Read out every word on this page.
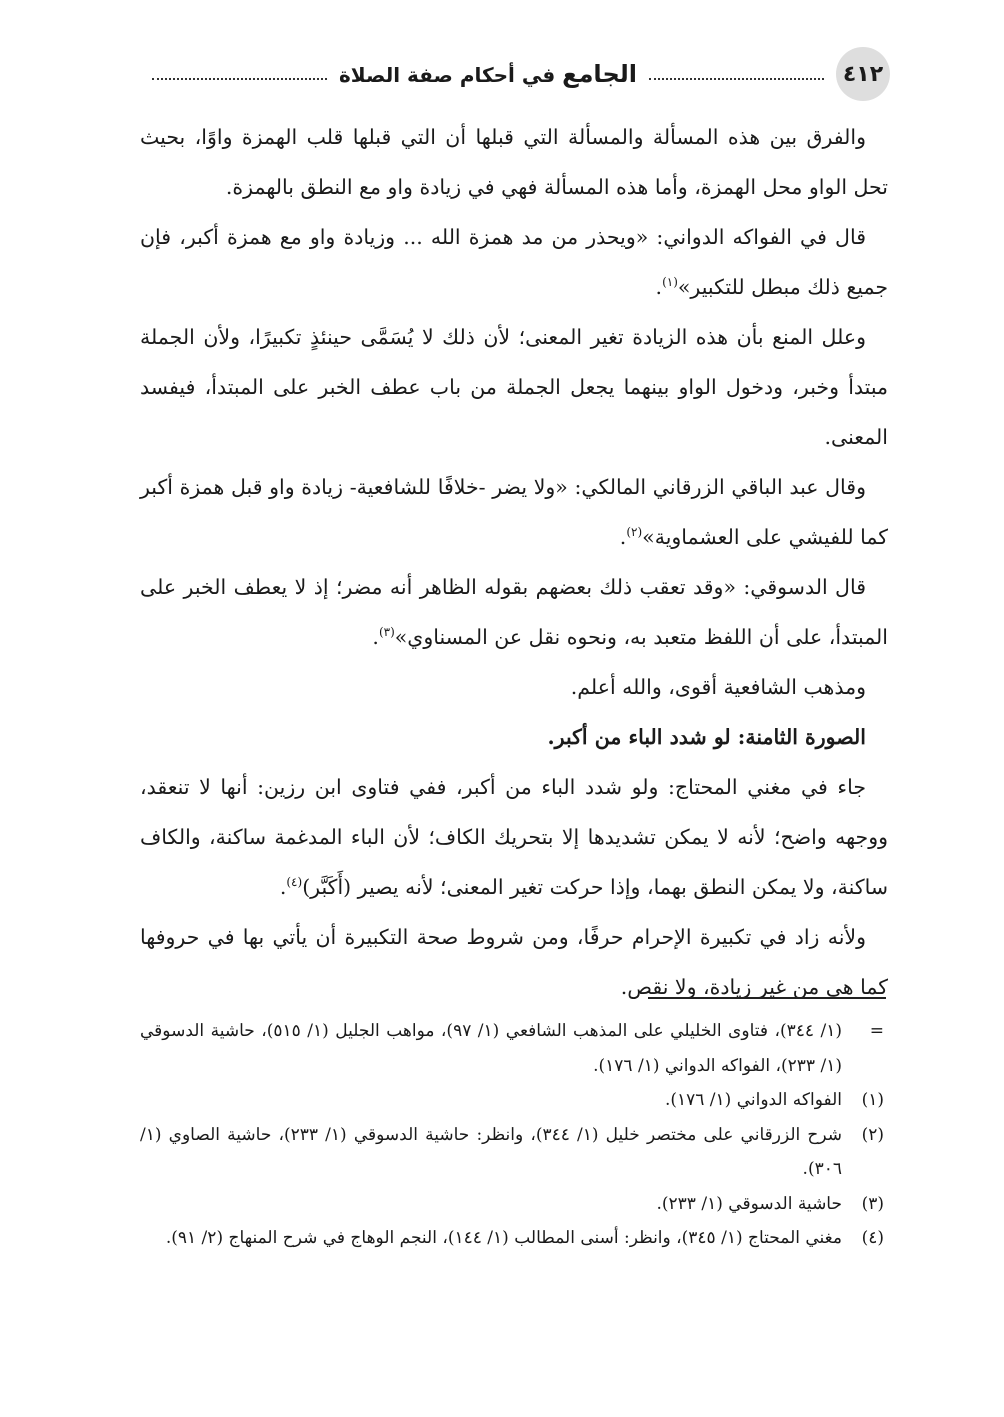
٤١٢
الجامع في أحكام صفة الصلاة

والفرق بين هذه المسألة والمسألة التي قبلها أن التي قبلها قلب الهمزة واوًا، بحيث تحل الواو محل الهمزة، وأما هذه المسألة فهي في زيادة واو مع النطق بالهمزة.

قال في الفواكه الدواني: «ويحذر من مد همزة الله ... وزيادة واو مع همزة أكبر، فإن جميع ذلك مبطل للتكبير»$^{(١)}$.

وعلل المنع بأن هذه الزيادة تغير المعنى؛ لأن ذلك لا يُسَمَّى حينئذٍ تكبيرًا، ولأن الجملة مبتدأ وخبر، ودخول الواو بينهما يجعل الجملة من باب عطف الخبر على المبتدأ، فيفسد المعنى.

وقال عبد الباقي الزرقاني المالكي: «ولا يضر -خلافًا للشافعية- زيادة واو قبل همزة أكبر كما للفيشي على العشماوية»$^{(٢)}$.

قال الدسوقي: «وقد تعقب ذلك بعضهم بقوله الظاهر أنه مضر؛ إذ لا يعطف الخبر على المبتدأ، على أن اللفظ متعبد به، ونحوه نقل عن المسناوي»$^{(٣)}$.

ومذهب الشافعية أقوى، والله أعلم.

الصورة الثامنة: لو شدد الباء من أكبر.

جاء في مغني المحتاج: ولو شدد الباء من أكبر، ففي فتاوى ابن رزين: أنها لا تنعقد، ووجهه واضح؛ لأنه لا يمكن تشديدها إلا بتحريك الكاف؛ لأن الباء المدغمة ساكنة، والكاف ساكنة، ولا يمكن النطق بهما، وإذا حركت تغير المعنى؛ لأنه يصير (أَكَبَّر)$^{(٤)}$.

ولأنه زاد في تكبيرة الإحرام حرفًا، ومن شروط صحة التكبيرة أن يأتي بها في حروفها كما هي من غير زيادة، ولا نقص.

=
(١/ ٣٤٤)، فتاوى الخليلي على المذهب الشافعي (١/ ٩٧)، مواهب الجليل (١/ ٥١٥)، حاشية الدسوقي (١/ ٢٣٣)، الفواكه الدواني (١/ ١٧٦).
(١)
الفواكه الدواني (١/ ١٧٦).
(٢)
شرح الزرقاني على مختصر خليل (١/ ٣٤٤)، وانظر: حاشية الدسوقي (١/ ٢٣٣)، حاشية الصاوي (١/ ٣٠٦).
(٣)
حاشية الدسوقي (١/ ٢٣٣).
(٤)
مغني المحتاج (١/ ٣٤٥)، وانظر: أسنى المطالب (١/ ١٤٤)، النجم الوهاج في شرح المنهاج (٢/ ٩١).
